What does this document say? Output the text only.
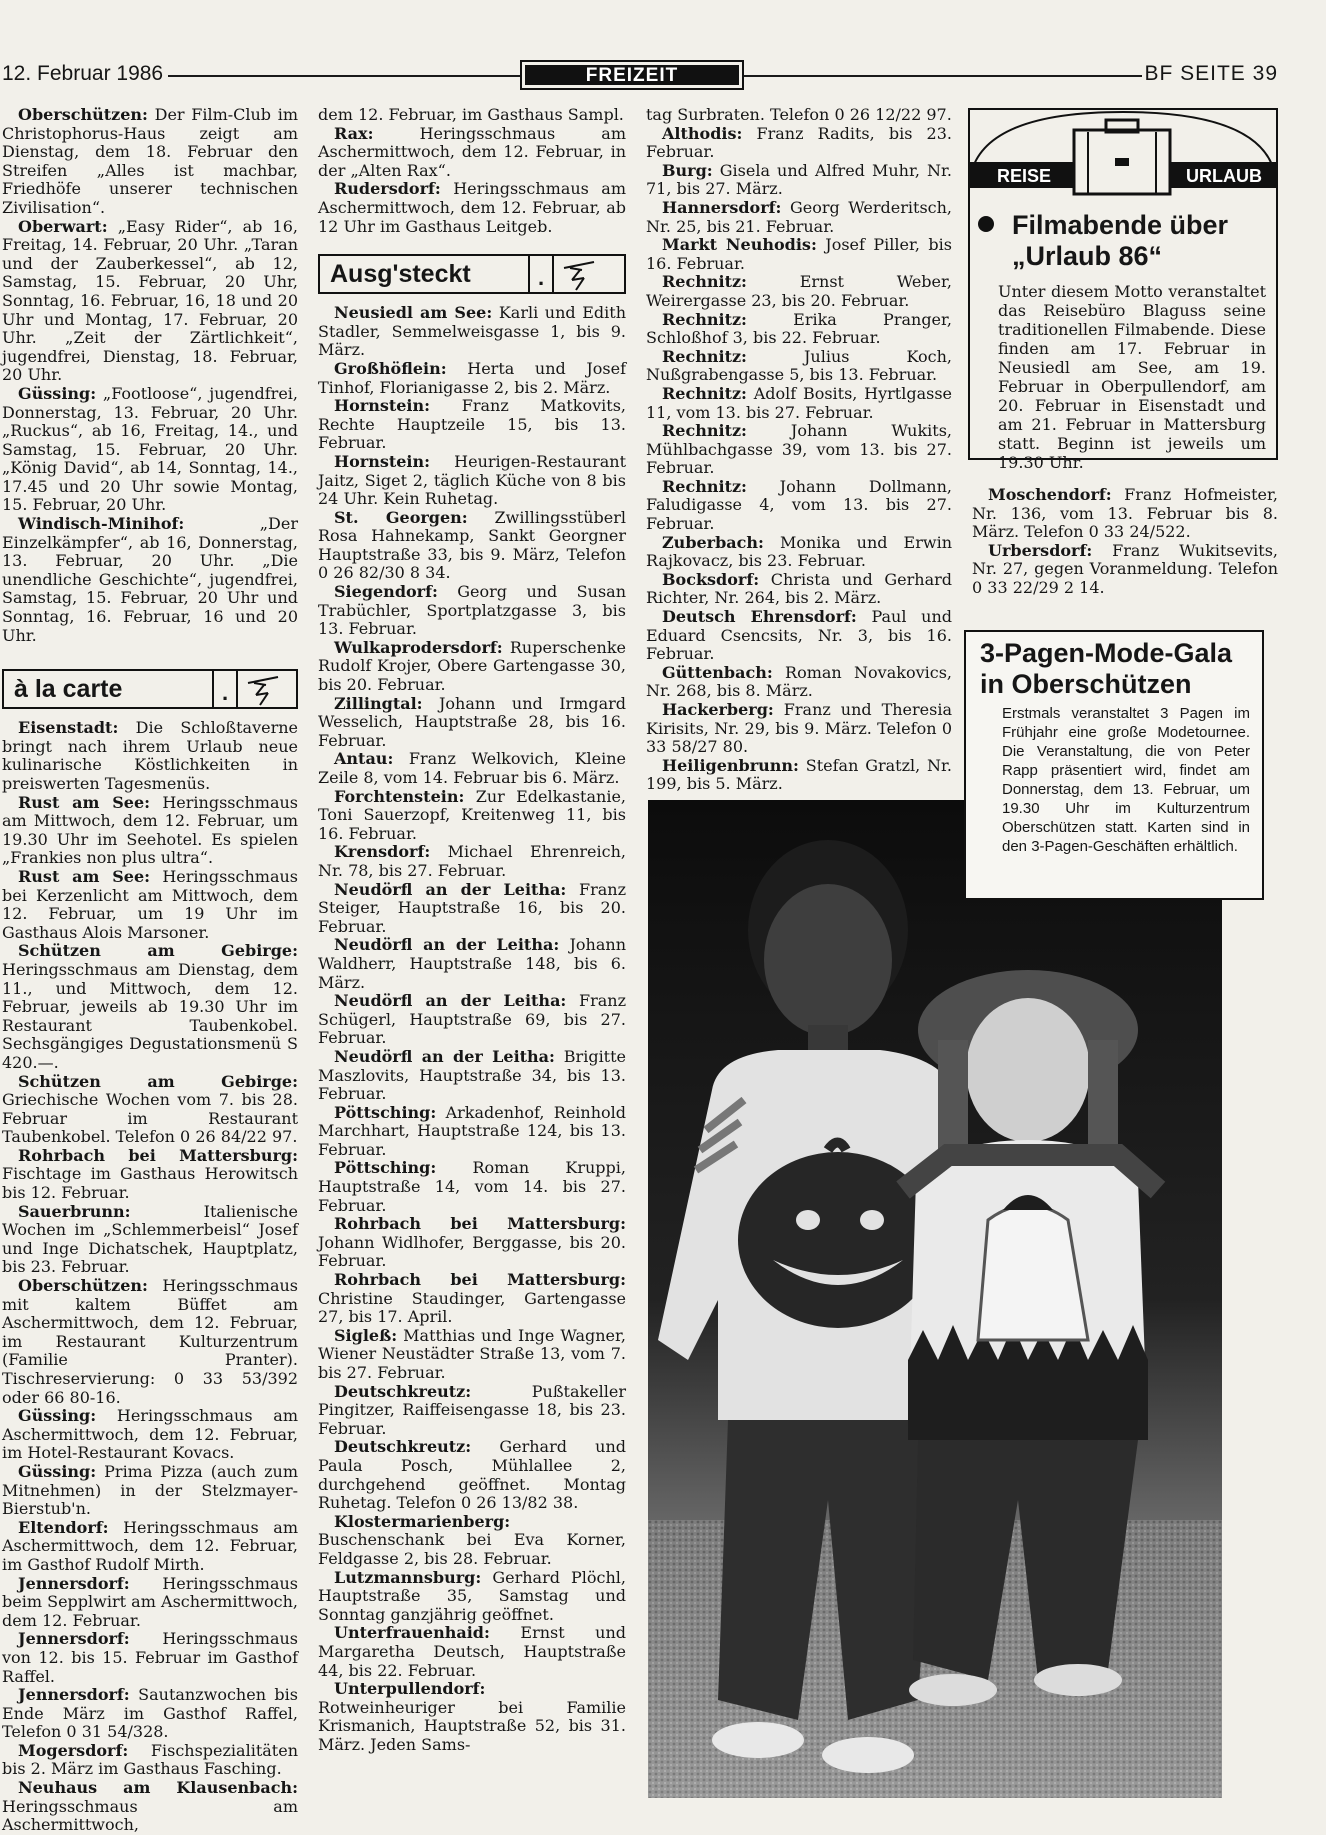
12. Februar 1986	FREIZEIT	BF SEITE 39

Oberschützen: Der Film-Club im Christophorus-Haus zeigt am Dienstag, dem 18. Februar den Streifen „Alles ist machbar, Friedhöfe unserer technischen Zivilisation“.

Oberwart: „Easy Rider“, ab 16, Freitag, 14. Februar, 20 Uhr. „Taran und der Zauberkessel“, ab 12, Samstag, 15. Februar, 20 Uhr, Sonntag, 16. Februar, 16, 18 und 20 Uhr und Montag, 17. Februar, 20 Uhr. „Zeit der Zärtlichkeit“, jugendfrei, Dienstag, 18. Februar, 20 Uhr.

Güssing: „Footloose“, jugendfrei, Donnerstag, 13. Februar, 20 Uhr. „Ruckus“, ab 16, Freitag, 14., und Samstag, 15. Februar, 20 Uhr. „König David“, ab 14, Sonntag, 14., 17.45 und 20 Uhr sowie Montag, 15. Februar, 20 Uhr.

Windisch-Minihof: „Der Einzelkämpfer“, ab 16, Donnerstag, 13. Februar, 20 Uhr. „Die unendliche Geschichte“, jugendfrei, Samstag, 15. Februar, 20 Uhr und Sonntag, 16. Februar, 16 und 20 Uhr.

à la carte	.

Eisenstadt: Die Schloßtaverne bringt nach ihrem Urlaub neue kulinarische Köstlichkeiten in preiswerten Tagesmenüs.

Rust am See: Heringsschmaus am Mittwoch, dem 12. Februar, um 19.30 Uhr im Seehotel. Es spielen „Frankies non plus ultra“.

Rust am See: Heringsschmaus bei Kerzenlicht am Mittwoch, dem 12. Februar, um 19 Uhr im Gasthaus Alois Marsoner.

Schützen am Gebirge: Heringsschmaus am Dienstag, dem 11., und Mittwoch, dem 12. Februar, jeweils ab 19.30 Uhr im Restaurant Taubenkobel. Sechsgängiges Degustationsmenü S 420.—.

Schützen am Gebirge: Griechische Wochen vom 7. bis 28. Februar im Restaurant Taubenkobel. Telefon 0 26 84/22 97.

Rohrbach bei Mattersburg: Fischtage im Gasthaus Herowitsch bis 12. Februar.

Sauerbrunn: Italienische Wochen im „Schlemmerbeisl“ Josef und Inge Dichatschek, Hauptplatz, bis 23. Februar.

Oberschützen: Heringsschmaus mit kaltem Büffet am Aschermittwoch, dem 12. Februar, im Restaurant Kulturzentrum (Familie Pranter). Tischreservierung: 0 33 53/392 oder 66 80-16.

Güssing: Heringsschmaus am Aschermittwoch, dem 12. Februar, im Hotel-Restaurant Kovacs.

Güssing: Prima Pizza (auch zum Mitnehmen) in der Stelzmayer-Bierstub'n.

Eltendorf: Heringsschmaus am Aschermittwoch, dem 12. Februar, im Gasthof Rudolf Mirth.

Jennersdorf: Heringsschmaus beim Sepplwirt am Aschermittwoch, dem 12. Februar.

Jennersdorf: Heringsschmaus von 12. bis 15. Februar im Gasthof Raffel.

Jennersdorf: Sautanzwochen bis Ende März im Gasthof Raffel, Telefon 0 31 54/328.

Mogersdorf: Fischspezialitäten bis 2. März im Gasthaus Fasching.

Neuhaus am Klausenbach: Heringsschmaus am Aschermittwoch,

dem 12. Februar, im Gasthaus Sampl.

Rax: Heringsschmaus am Aschermittwoch, dem 12. Februar, in der „Alten Rax“.

Rudersdorf: Heringsschmaus am Aschermittwoch, dem 12. Februar, ab 12 Uhr im Gasthaus Leitgeb.

Ausg'steckt	.

Neusiedl am See: Karli und Edith Stadler, Semmelweisgasse 1, bis 9. März.

Großhöflein: Herta und Josef Tinhof, Florianigasse 2, bis 2. März.

Hornstein: Franz Matkovits, Rechte Hauptzeile 15, bis 13. Februar.

Hornstein: Heurigen-Restaurant Jaitz, Siget 2, täglich Küche von 8 bis 24 Uhr. Kein Ruhetag.

St. Georgen: Zwillingsstüberl Rosa Hahnekamp, Sankt Georgner Hauptstraße 33, bis 9. März, Telefon 0 26 82/30 8 34.

Siegendorf: Georg und Susan Trabüchler, Sportplatzgasse 3, bis 13. Februar.

Wulkaprodersdorf: Ruperschenke Rudolf Krojer, Obere Gartengasse 30, bis 20. Februar.

Zillingtal: Johann und Irmgard Wesselich, Hauptstraße 28, bis 16. Februar.

Antau: Franz Welkovich, Kleine Zeile 8, vom 14. Februar bis 6. März.

Forchtenstein: Zur Edelkastanie, Toni Sauerzopf, Kreitenweg 11, bis 16. Februar.

Krensdorf: Michael Ehrenreich, Nr. 78, bis 27. Februar.

Neudörfl an der Leitha: Franz Steiger, Hauptstraße 16, bis 20. Februar.

Neudörfl an der Leitha: Johann Waldherr, Hauptstraße 148, bis 6. März.

Neudörfl an der Leitha: Franz Schügerl, Hauptstraße 69, bis 27. Februar.

Neudörfl an der Leitha: Brigitte Maszlovits, Hauptstraße 34, bis 13. Februar.

Pöttsching: Arkadenhof, Reinhold Marchhart, Hauptstraße 124, bis 13. Februar.

Pöttsching: Roman Kruppi, Hauptstraße 14, vom 14. bis 27. Februar.

Rohrbach bei Mattersburg: Johann Widlhofer, Berggasse, bis 20. Februar.

Rohrbach bei Mattersburg: Christine Staudinger, Gartengasse 27, bis 17. April.

Sigleß: Matthias und Inge Wagner, Wiener Neustädter Straße 13, vom 7. bis 27. Februar.

Deutschkreutz: Pußtakeller Pingitzer, Raiffeisengasse 18, bis 23. Februar.

Deutschkreutz: Gerhard und Paula Posch, Mühlallee 2, durchgehend geöffnet. Montag Ruhetag. Telefon 0 26 13/82 38.

Klostermarienberg: Buschenschank bei Eva Korner, Feldgasse 2, bis 28. Februar.

Lutzmannsburg: Gerhard Plöchl, Hauptstraße 35, Samstag und Sonntag ganzjährig geöffnet.

Unterfrauenhaid: Ernst und Margaretha Deutsch, Hauptstraße 44, bis 22. Februar.

Unterpullendorf: Rotweinheuriger bei Familie Krismanich, Hauptstraße 52, bis 31. März. Jeden Sams-

tag Surbraten. Telefon 0 26 12/22 97.

Althodis: Franz Radits, bis 23. Februar.

Burg: Gisela und Alfred Muhr, Nr. 71, bis 27. März.

Hannersdorf: Georg Werderitsch, Nr. 25, bis 21. Februar.

Markt Neuhodis: Josef Piller, bis 16. Februar.

Rechnitz: Ernst Weber, Weirergasse 23, bis 20. Februar.

Rechnitz: Erika Pranger, Schloßhof 3, bis 22. Februar.

Rechnitz: Julius Koch, Nußgrabengasse 5, bis 13. Februar.

Rechnitz: Adolf Bosits, Hyrtlgasse 11, vom 13. bis 27. Februar.

Rechnitz: Johann Wukits, Mühlbachgasse 39, vom 13. bis 27. Februar.

Rechnitz: Johann Dollmann, Faludigasse 4, vom 13. bis 27. Februar.

Zuberbach: Monika und Erwin Rajkovacz, bis 23. Februar.

Bocksdorf: Christa und Gerhard Richter, Nr. 264, bis 2. März.

Deutsch Ehrensdorf: Paul und Eduard Csencsits, Nr. 3, bis 16. Februar.

Güttenbach: Roman Novakovics, Nr. 268, bis 8. März.

Hackerberg: Franz und Theresia Kirisits, Nr. 29, bis 9. März. Telefon 0 33 58/27 80.

Heiligenbrunn: Stefan Gratzl, Nr. 199, bis 5. März.

REISE	URLAUB
Filmabende über „Urlaub 86“

Unter diesem Motto veranstaltet das Reisebüro Blaguss seine traditionellen Filmabende. Diese finden am 17. Februar in Neusiedl am See, am 19. Februar in Oberpullendorf, am 20. Februar in Eisenstadt und am 21. Februar in Mattersburg statt. Beginn ist jeweils um 19.30 Uhr.

Moschendorf: Franz Hofmeister, Nr. 136, vom 13. Februar bis 8. März. Telefon 0 33 24/522.

Urbersdorf: Franz Wukitsevits, Nr. 27, gegen Voranmeldung. Telefon 0 33 22/29 2 14.

3-Pagen-Mode-Gala in Oberschützen

Erstmals veranstaltet 3 Pagen im Frühjahr eine große Modetournee. Die Veranstaltung, die von Peter Rapp präsentiert wird, findet am Donnerstag, dem 13. Februar, um 19.30 Uhr im Kulturzentrum Oberschützen statt. Karten sind in den 3-Pagen-Geschäften erhältlich.
